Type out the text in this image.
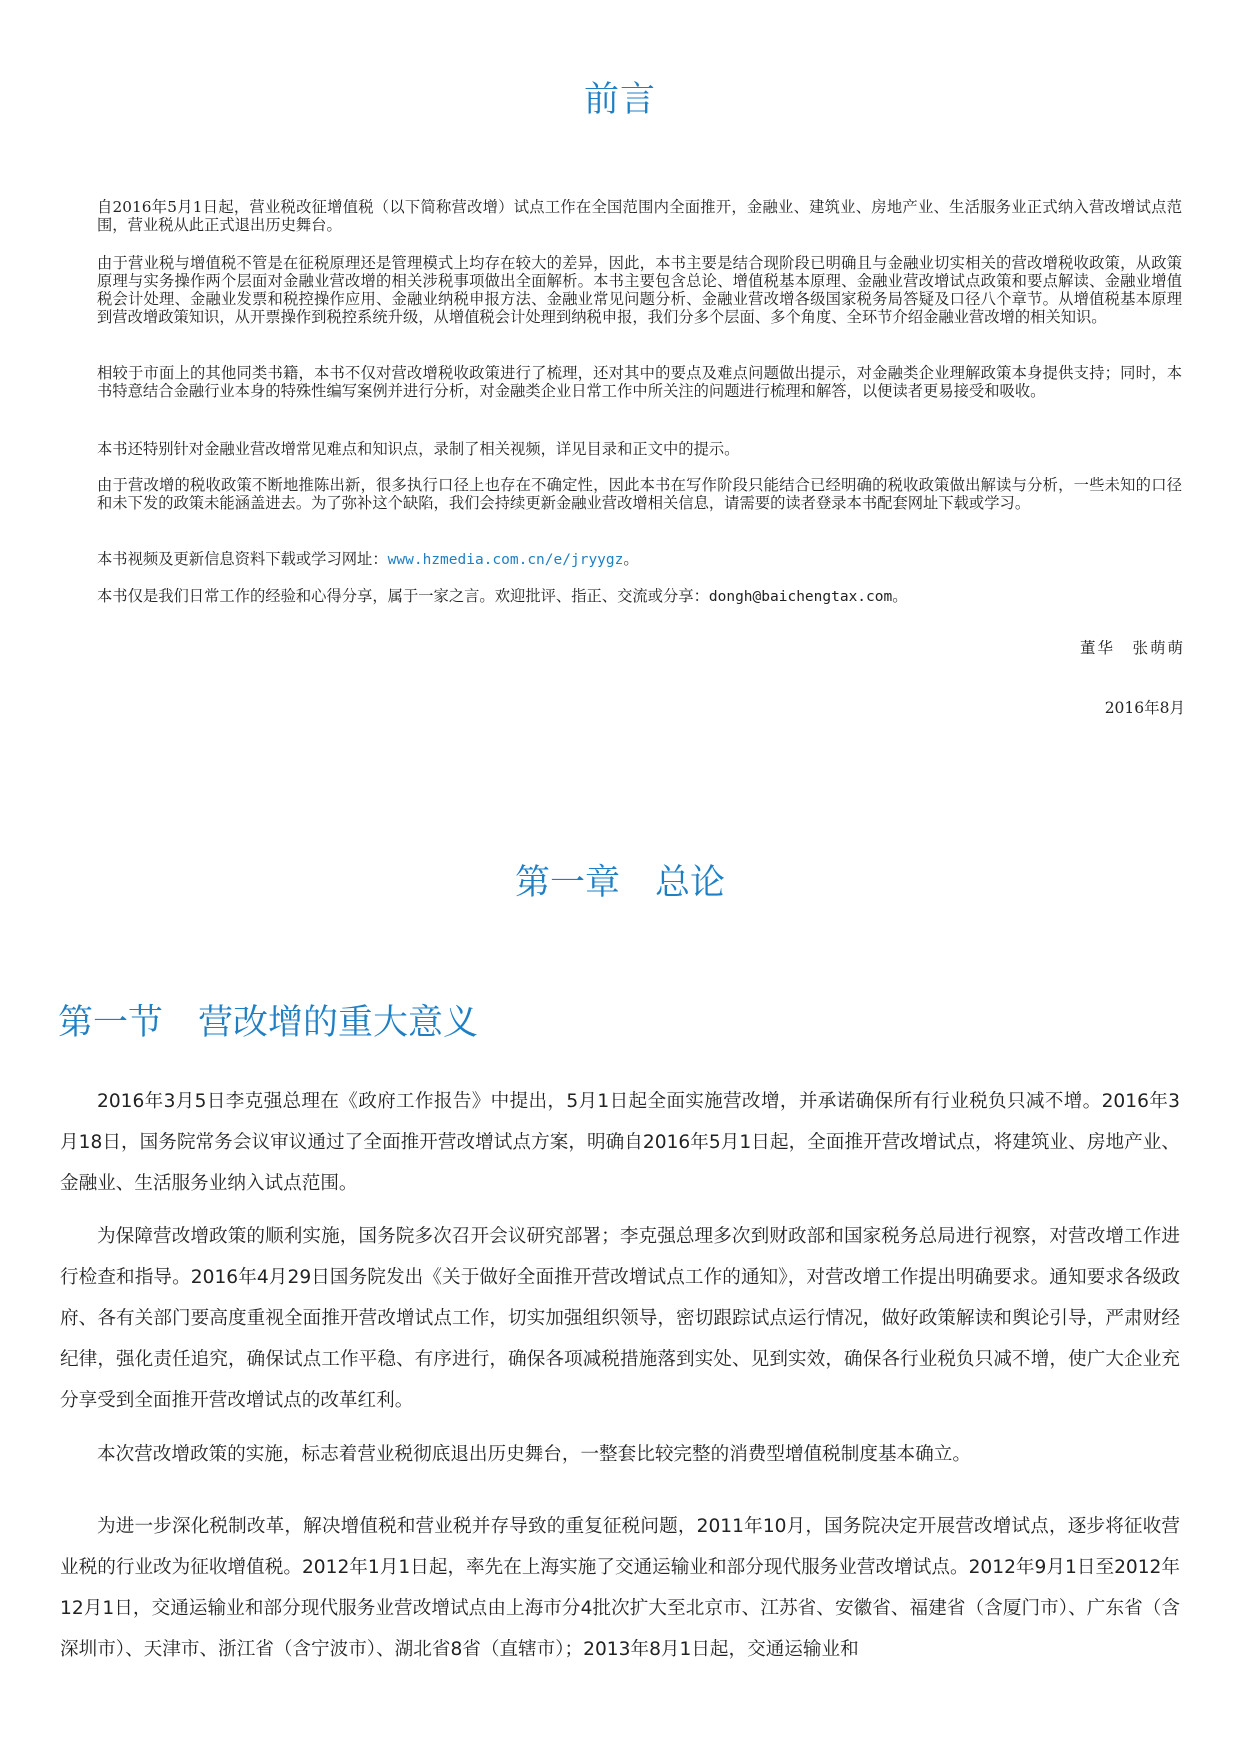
前言

自2016年5月1日起，营业税改征增值税（以下简称营改增）试点工作在全国范围内全面推开，金融业、建筑业、房地产业、生活服务业正式纳入营改增试点范围，营业税从此正式退出历史舞台。

由于营业税与增值税不管是在征税原理还是管理模式上均存在较大的差异，因此，本书主要是结合现阶段已明确且与金融业切实相关的营改增税收政策，从政策原理与实务操作两个层面对金融业营改增的相关涉税事项做出全面解析。本书主要包含总论、增值税基本原理、金融业营改增试点政策和要点解读、金融业增值税会计处理、金融业发票和税控操作应用、金融业纳税申报方法、金融业常见问题分析、金融业营改增各级国家税务局答疑及口径八个章节。从增值税基本原理到营改增政策知识，从开票操作到税控系统升级，从增值税会计处理到纳税申报，我们分多个层面、多个角度、全环节介绍金融业营改增的相关知识。

相较于市面上的其他同类书籍，本书不仅对营改增税收政策进行了梳理，还对其中的要点及难点问题做出提示，对金融类企业理解政策本身提供支持；同时，本书特意结合金融行业本身的特殊性编写案例并进行分析，对金融类企业日常工作中所关注的问题进行梳理和解答，以便读者更易接受和吸收。

本书还特别针对金融业营改增常见难点和知识点，录制了相关视频，详见目录和正文中的提示。

由于营改增的税收政策不断地推陈出新，很多执行口径上也存在不确定性，因此本书在写作阶段只能结合已经明确的税收政策做出解读与分析，一些未知的口径和未下发的政策未能涵盖进去。为了弥补这个缺陷，我们会持续更新金融业营改增相关信息，请需要的读者登录本书配套网址下载或学习。

本书视频及更新信息资料下载或学习网址：www.hzmedia.com.cn/e/jryygz。

本书仅是我们日常工作的经验和心得分享，属于一家之言。欢迎批评、指正、交流或分享：dongh@baichengtax.com。

董华　张萌萌
2016年8月
第一章　总论
第一节　营改增的重大意义

2016年3月5日李克强总理在《政府工作报告》中提出，5月1日起全面实施营改增，并承诺确保所有行业税负只减不增。2016年3月18日，国务院常务会议审议通过了全面推开营改增试点方案，明确自2016年5月1日起，全面推开营改增试点，将建筑业、房地产业、金融业、生活服务业纳入试点范围。

为保障营改增政策的顺利实施，国务院多次召开会议研究部署；李克强总理多次到财政部和国家税务总局进行视察，对营改增工作进行检查和指导。2016年4月29日国务院发出《关于做好全面推开营改增试点工作的通知》，对营改增工作提出明确要求。通知要求各级政府、各有关部门要高度重视全面推开营改增试点工作，切实加强组织领导，密切跟踪试点运行情况，做好政策解读和舆论引导，严肃财经纪律，强化责任追究，确保试点工作平稳、有序进行，确保各项减税措施落到实处、见到实效，确保各行业税负只减不增，使广大企业充分享受到全面推开营改增试点的改革红利。

本次营改增政策的实施，标志着营业税彻底退出历史舞台，一整套比较完整的消费型增值税制度基本确立。

为进一步深化税制改革，解决增值税和营业税并存导致的重复征税问题，2011年10月，国务院决定开展营改增试点，逐步将征收营业税的行业改为征收增值税。2012年1月1日起，率先在上海实施了交通运输业和部分现代服务业营改增试点。2012年9月1日至2012年12月1日，交通运输业和部分现代服务业营改增试点由上海市分4批次扩大至北京市、江苏省、安徽省、福建省（含厦门市）、广东省（含深圳市）、天津市、浙江省（含宁波市）、湖北省8省（直辖市）；2013年8月1日起，交通运输业和
